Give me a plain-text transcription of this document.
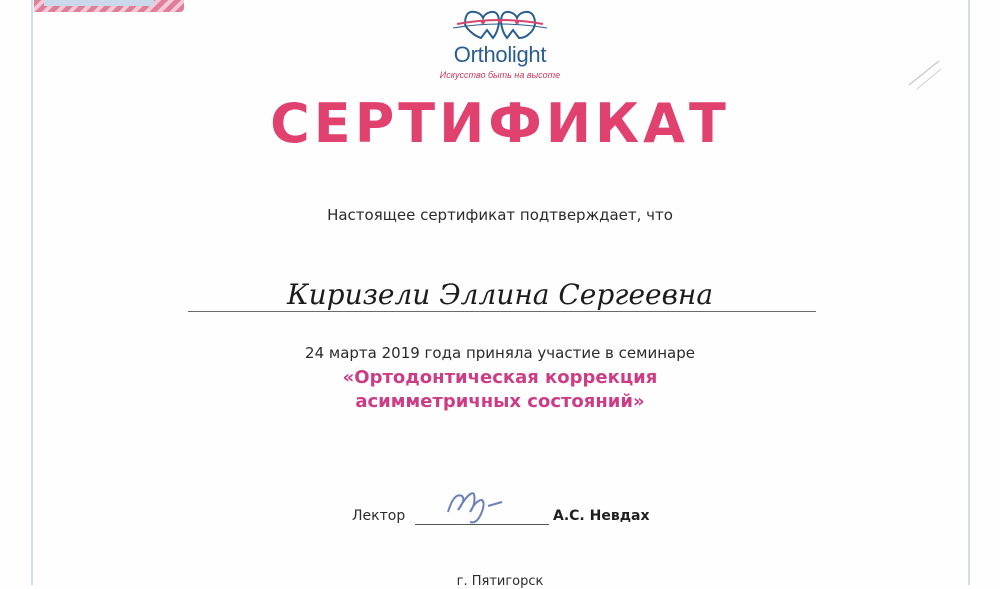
Ortholight
Искусство быть на высоте
СЕРТИФИКАТ
Настоящее сертификат подтверждает, что
Киризели Эллина Сергеевна
24 марта 2019 года приняла участие в семинаре
«Ортодонтическая коррекция
асимметричных состояний»
Лектор	А.С. Невдах
г. Пятигорск
